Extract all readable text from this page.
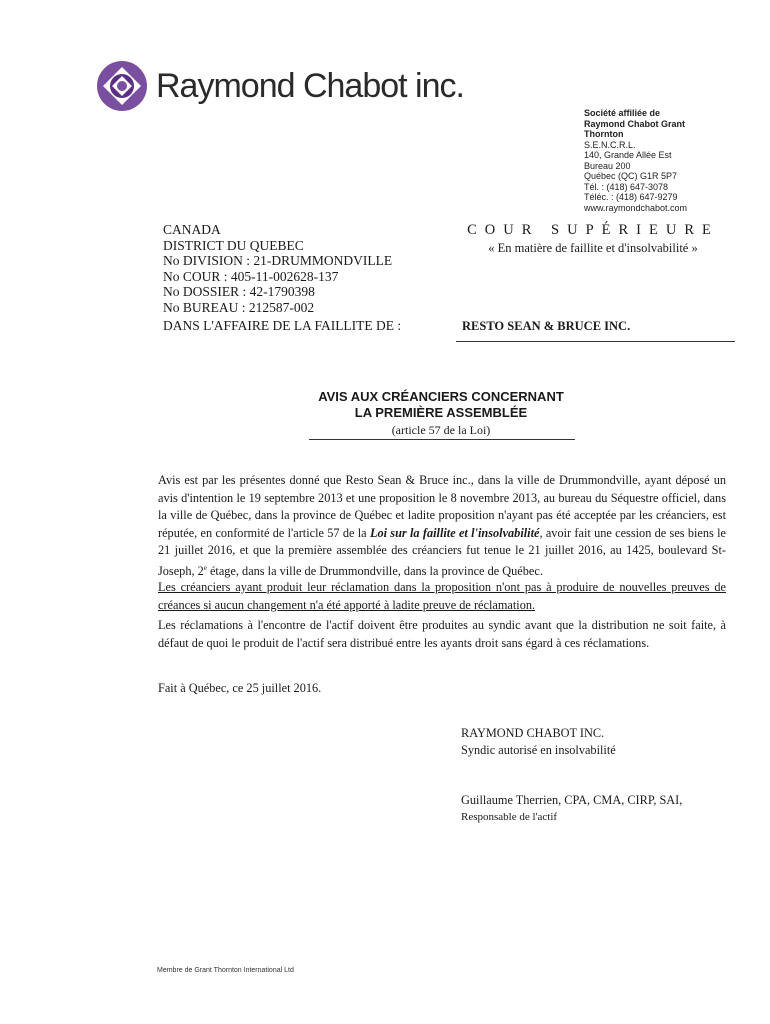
Raymond Chabot inc.
Société affiliée de
Raymond Chabot Grant
Thornton
S.E.N.C.R.L.
140, Grande Allée Est
Bureau 200
Québec (QC) G1R 5P7
Tél. : (418) 647-3078
Téléc. : (418) 647-9279
www.raymondchabot.com
CANADA
DISTRICT DU QUEBEC
No DIVISION : 21-DRUMMONDVILLE
No COUR : 405-11-002628-137
No DOSSIER : 42-1790398
No BUREAU : 212587-002
COUR SUPÉRIEURE
« En matière de faillite et d'insolvabilité »
DANS L'AFFAIRE DE LA FAILLITE DE :	RESTO SEAN & BRUCE INC.
AVIS AUX CRÉANCIERS CONCERNANT
LA PREMIÈRE ASSEMBLÉE
(article 57 de la Loi)
Avis est par les présentes donné que Resto Sean & Bruce inc., dans la ville de Drummondville, ayant déposé un avis d'intention le 19 septembre 2013 et une proposition le 8 novembre 2013, au bureau du Séquestre officiel, dans la ville de Québec, dans la province de Québec et ladite proposition n'ayant pas été acceptée par les créanciers, est réputée, en conformité de l'article 57 de la Loi sur la faillite et l'insolvabilité, avoir fait une cession de ses biens le 21 juillet 2016, et que la première assemblée des créanciers fut tenue le 21 juillet 2016, au 1425, boulevard St-Joseph, 2e étage, dans la ville de Drummondville, dans la province de Québec.
Les créanciers ayant produit leur réclamation dans la proposition n'ont pas à produire de nouvelles preuves de créances si aucun changement n'a été apporté à ladite preuve de réclamation.
Les réclamations à l'encontre de l'actif doivent être produites au syndic avant que la distribution ne soit faite, à défaut de quoi le produit de l'actif sera distribué entre les ayants droit sans égard à ces réclamations.
Fait à Québec, ce 25 juillet 2016.
RAYMOND CHABOT INC.
Syndic autorisé en insolvabilité
Guillaume Therrien, CPA, CMA, CIRP, SAI,
Responsable de l'actif
Membre de Grant Thornton International Ltd
